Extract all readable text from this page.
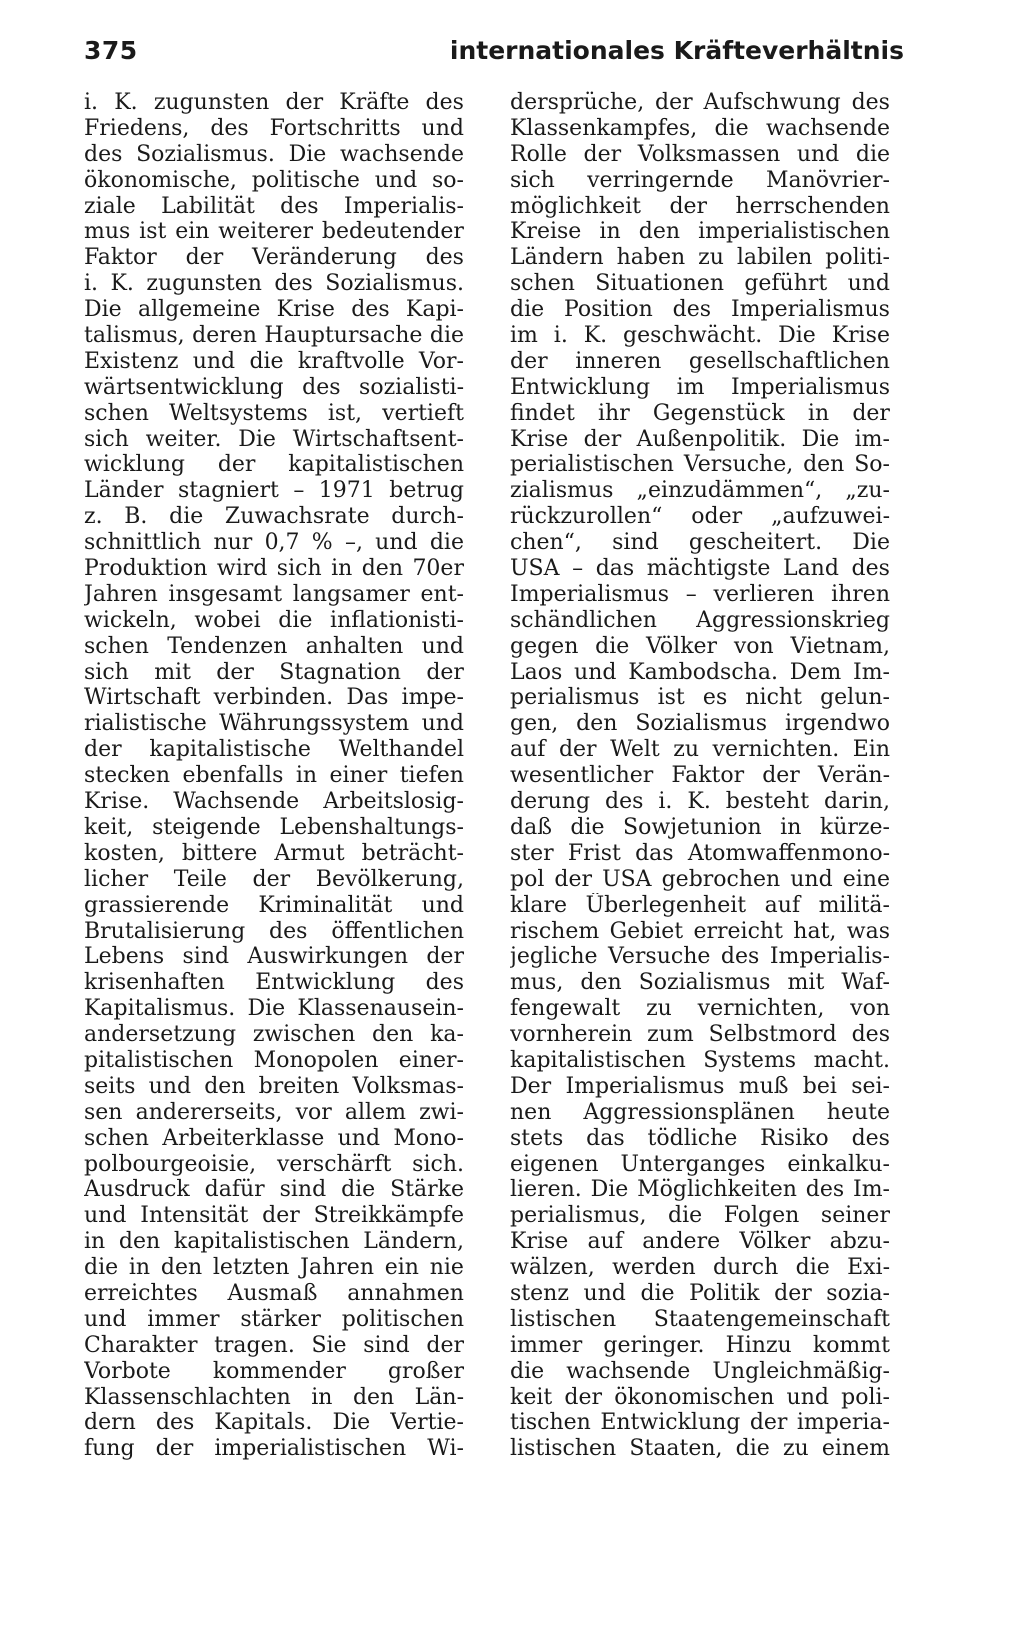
375	internationales Kräfteverhältnis
i. K. zugunsten der Kräfte des
Friedens, des Fortschritts und
des Sozialismus. Die wachsende
ökonomische, politische und so-
ziale Labilität des Imperialis-
mus ist ein weiterer bedeutender
Faktor der Veränderung des
i. K. zugunsten des Sozialismus.
Die allgemeine Krise des Kapi-
talismus, deren Hauptursache die
Existenz und die kraftvolle Vor-
wärtsentwicklung des sozialisti-
schen Weltsystems ist, vertieft
sich weiter. Die Wirtschaftsent-
wicklung der kapitalistischen
Länder stagniert – 1971 betrug
z. B. die Zuwachsrate durch-
schnittlich nur 0,7 % –, und die
Produktion wird sich in den 70er
Jahren insgesamt langsamer ent-
wickeln, wobei die inflationisti-
schen Tendenzen anhalten und
sich mit der Stagnation der
Wirtschaft verbinden. Das impe-
rialistische Währungssystem und
der kapitalistische Welthandel
stecken ebenfalls in einer tiefen
Krise. Wachsende Arbeitslosig-
keit, steigende Lebenshaltungs-
kosten, bittere Armut beträcht-
licher Teile der Bevölkerung,
grassierende Kriminalität und
Brutalisierung des öffentlichen
Lebens sind Auswirkungen der
krisenhaften Entwicklung des
Kapitalismus. Die Klassenausein-
andersetzung zwischen den ka-
pitalistischen Monopolen einer-
seits und den breiten Volksmas-
sen andererseits, vor allem zwi-
schen Arbeiterklasse und Mono-
polbourgeoisie, verschärft sich.
Ausdruck dafür sind die Stärke
und Intensität der Streikkämpfe
in den kapitalistischen Ländern,
die in den letzten Jahren ein nie
erreichtes Ausmaß annahmen
und immer stärker politischen
Charakter tragen. Sie sind der
Vorbote kommender großer
Klassenschlachten in den Län-
dern des Kapitals. Die Vertie-
fung der imperialistischen Wi-
dersprüche, der Aufschwung des
Klassenkampfes, die wachsende
Rolle der Volksmassen und die
sich verringernde Manövrier-
möglichkeit der herrschenden
Kreise in den imperialistischen
Ländern haben zu labilen politi-
schen Situationen geführt und
die Position des Imperialismus
im i. K. geschwächt. Die Krise
der inneren gesellschaftlichen
Entwicklung im Imperialismus
findet ihr Gegenstück in der
Krise der Außenpolitik. Die im-
perialistischen Versuche, den So-
zialismus „einzudämmen“, „zu-
rückzurollen“ oder „aufzuwei-
chen“, sind gescheitert. Die
USA – das mächtigste Land des
Imperialismus – verlieren ihren
schändlichen Aggressionskrieg
gegen die Völker von Vietnam,
Laos und Kambodscha. Dem Im-
perialismus ist es nicht gelun-
gen, den Sozialismus irgendwo
auf der Welt zu vernichten. Ein
wesentlicher Faktor der Verän-
derung des i. K. besteht darin,
daß die Sowjetunion in kürze-
ster Frist das Atomwaffenmono-
pol der USA gebrochen und eine
klare Überlegenheit auf militä-
rischem Gebiet erreicht hat, was
jegliche Versuche des Imperialis-
mus, den Sozialismus mit Waf-
fengewalt zu vernichten, von
vornherein zum Selbstmord des
kapitalistischen Systems macht.
Der Imperialismus muß bei sei-
nen Aggressionsplänen heute
stets das tödliche Risiko des
eigenen Unterganges einkalku-
lieren. Die Möglichkeiten des Im-
perialismus, die Folgen seiner
Krise auf andere Völker abzu-
wälzen, werden durch die Exi-
stenz und die Politik der sozia-
listischen Staatengemeinschaft
immer geringer. Hinzu kommt
die wachsende Ungleichmäßig-
keit der ökonomischen und poli-
tischen Entwicklung der imperia-
listischen Staaten, die zu einem
